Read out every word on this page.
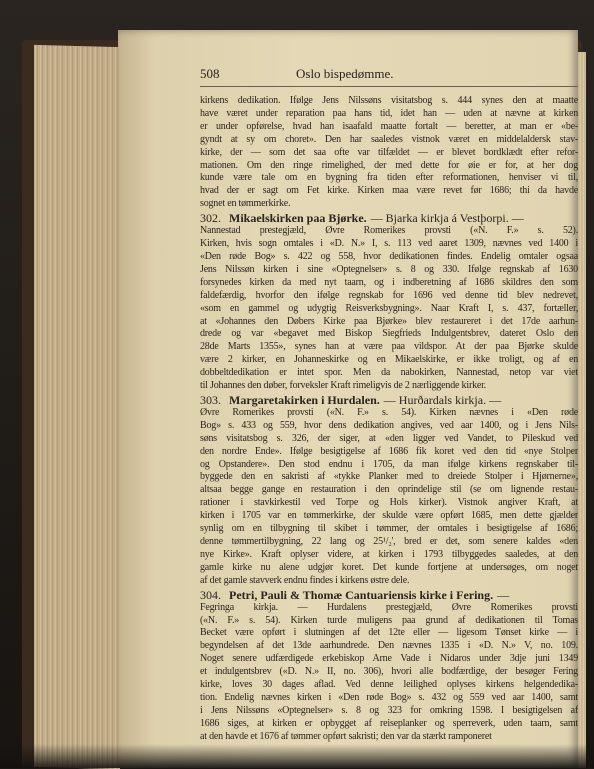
508	Oslo bispedømme.
kirkens dedikation. Ifølge Jens Nilssøns visitatsbog s. 444 synes den at maatte
have været under reparation paa hans tid, idet han — uden at nævne at kirken
er under opførelse, hvad han isaafald maatte fortalt — beretter, at man er «be-
gyndt at sy om choret». Den har saaledes vistnok været en middelaldersk stav-
kirke, der — som det saa ofte var tilfældet — er blevet bordklædt efter refor-
mationen. Om den ringe rimelighed, der med dette for øie er for, at her dog
kunde være tale om en bygning fra tiden efter reformationen, henviser vi til,
hvad der er sagt om Fet kirke. Kirken maa være revet før 1686; thi da havde
sognet en tømmerkirke.
302. Mikaelskirken paa Bjørke. — Bjarka kirkja á Vestþorpi. —
Nannestad prestegjæld, Øvre Romerikes provsti («N. F.» s. 52).
Kirken, hvis sogn omtales i «D. N.» I, s. 113 ved aaret 1309, nævnes ved 1400 i
«Den røde Bog» s. 422 og 558, hvor dedikationen findes. Endelig omtaler ogsaa
Jens Nilssøn kirken i sine «Optegnelser» s. 8 og 330. Ifølge regnskab af 1630
forsynedes kirken da med nyt taarn, og i indberetning af 1686 skildres den som
faldefærdig, hvorfor den ifølge regnskab for 1696 ved denne tid blev nedrevet,
«som en gammel og udygtig Reisverksbygning». Naar Kraft I, s. 437, fortæller,
at «Johannes den Døbers Kirke paa Bjørke» blev restaureret i det 17de aarhun-
drede og var «begavet med Biskop Siegfrieds Indulgentsbrev, dateret Oslo den
28de Marts 1355», synes han at være paa vildspor. At der paa Bjørke skulde
være 2 kirker, en Johanneskirke og en Mikaelskirke, er ikke troligt, og af en
dobbeltdedikation er intet spor. Men da nabokirken, Nannestad, netop var viet
til Johannes den døber, forveksler Kraft rimeligvis de 2 nærliggende kirker.
303. Margaretakirken i Hurdalen. — Hurðardals kirkja. —
Øvre Romerikes provsti («N. F.» s. 54). Kirken nævnes i «Den røde
Bog» s. 433 og 559, hvor dens dedikation angives, ved aar 1400, og i Jens Nils-
søns visitatsbog s. 326, der siger, at «den ligger ved Vandet, to Pileskud ved
den nordre Ende». Ifølge besigtigelse af 1686 fik koret ved den tid «nye Stolper
og Opstandere». Den stod endnu i 1705, da man ifølge kirkens regnskaber til-
byggede den en sakristi af «tykke Planker med to dreiede Stolper i Hjørnerne»,
altsaa begge gange en restauration i den oprindelige stil (se om lignende restau-
rationer i stavkirkestil ved Torpe og Hols kirker). Vistnok angiver Kraft, at
kirken i 1705 var en tømmerkirke, der skulde være opført 1685, men dette gjælder
synlig om en tilbygning til skibet i tømmer, der omtales i besigtigelse af 1686;
denne tømmertilbygning, 22 lang og 25¹/₂', bred er det, som senere kaldes «den
nye Kirke». Kraft oplyser videre, at kirken i 1793 tilbyggedes saaledes, at den
gamle kirke nu alene udgjør koret. Det kunde fortjene at undersøges, om noget
af det gamle stavverk endnu findes i kirkens østre dele.
304. Petri, Pauli & Thomæ Cantuariensis kirke i Fering. —
Fegringa kirkja. — Hurdalens prestegjæld, Øvre Romerikes provsti
(«N. F.» s. 54). Kirken turde muligens paa grund af dedikationen til Tomas
Becket være opført i slutningen af det 12te eller — ligesom Tønset kirke — i
begyndelsen af det 13de aarhundrede. Den nævnes 1335 i «D. N.» V, no. 109.
Noget senere udfærdigede erkebiskop Arne Vade i Nidaros under 3dje juni 1349
et indulgentsbrev («D. N.» II, no. 306), hvori alle bodfærdige, der besøger Fering
kirke, loves 30 dages aflad. Ved denne leilighed oplyses kirkens helgendedika-
tion. Endelig nævnes kirken i «Den røde Bog» s. 432 og 559 ved aar 1400, samt
i Jens Nilssøns «Optegnelser» s. 8 og 323 for omkring 1598. I besigtigelsen af
1686 siges, at kirken er opbygget af reiseplanker og sperreverk, uden taarn, samt
at den havde et 1676 af tømmer opført sakristi; den var da stærkt ramponeret
